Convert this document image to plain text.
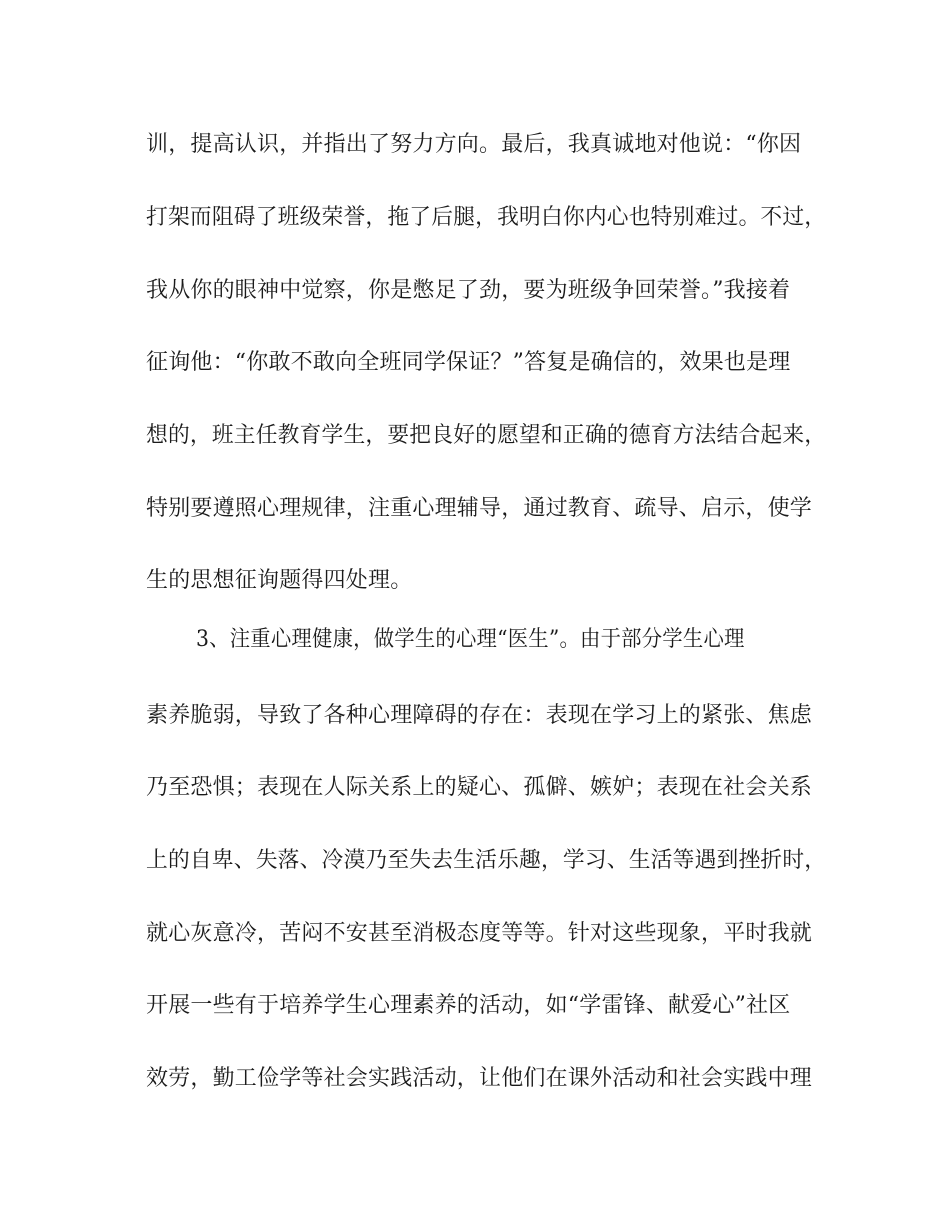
训，提高认识，并指出了努力方向。最后，我真诚地对他说：“你因
打架而阻碍了班级荣誉，拖了后腿，我明白你内心也特别难过。不过，
我从你的眼神中觉察，你是憋足了劲，要为班级争回荣誉。”我接着
征询他：“你敢不敢向全班同学保证？”答复是确信的，效果也是理
想的，班主任教育学生，要把良好的愿望和正确的德育方法结合起来，
特别要遵照心理规律，注重心理辅导，通过教育、疏导、启示，使学
生的思想征询题得四处理。
3、注重心理健康，做学生的心理“医生”。由于部分学生心理
素养脆弱，导致了各种心理障碍的存在：表现在学习上的紧张、焦虑
乃至恐惧；表现在人际关系上的疑心、孤僻、嫉妒；表现在社会关系
上的自卑、失落、冷漠乃至失去生活乐趣，学习、生活等遇到挫折时，
就心灰意冷，苦闷不安甚至消极态度等等。针对这些现象，平时我就
开展一些有于培养学生心理素养的活动，如“学雷锋、献爱心”社区
效劳，勤工俭学等社会实践活动，让他们在课外活动和社会实践中理
